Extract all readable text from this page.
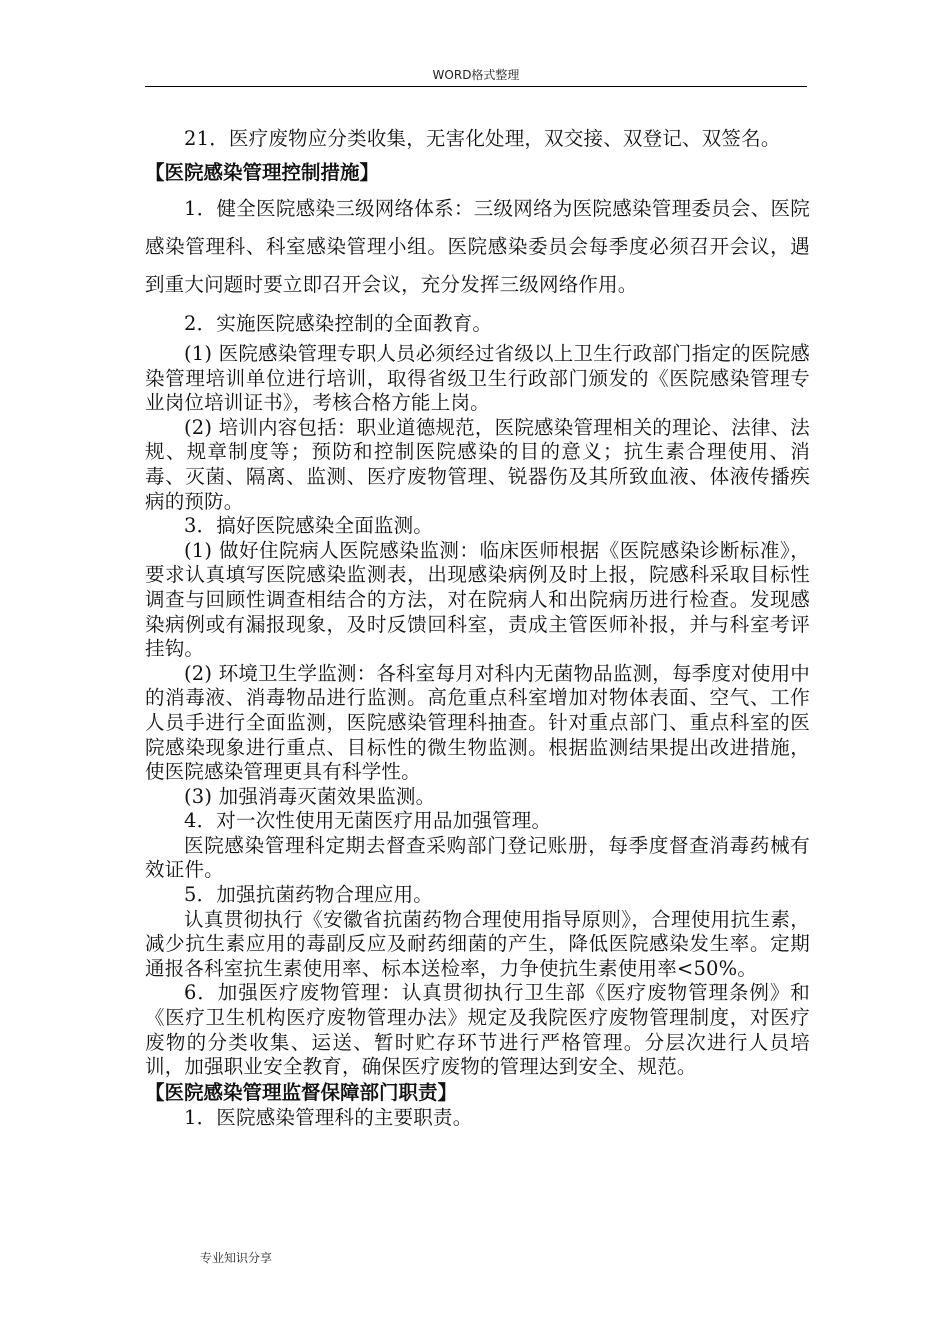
WORD格式整理

21．医疗废物应分类收集，无害化处理，双交接、双登记、双签名。

【医院感染管理控制措施】

1．健全医院感染三级网络体系：三级网络为医院感染管理委员会、医院感染管理科、科室感染管理小组。医院感染委员会每季度必须召开会议，遇到重大问题时要立即召开会议，充分发挥三级网络作用。

2．实施医院感染控制的全面教育。

(1) 医院感染管理专职人员必须经过省级以上卫生行政部门指定的医院感染管理培训单位进行培训，取得省级卫生行政部门颁发的《医院感染管理专业岗位培训证书》，考核合格方能上岗。

(2) 培训内容包括：职业道德规范，医院感染管理相关的理论、法律、法规、规章制度等；预防和控制医院感染的目的意义；抗生素合理使用、消毒、灭菌、隔离、监测、医疗废物管理、锐器伤及其所致血液、体液传播疾病的预防。

3．搞好医院感染全面监测。

(1) 做好住院病人医院感染监测：临床医师根据《医院感染诊断标准》，要求认真填写医院感染监测表，出现感染病例及时上报，院感科采取目标性调查与回顾性调查相结合的方法，对在院病人和出院病历进行检查。发现感染病例或有漏报现象，及时反馈回科室，责成主管医师补报，并与科室考评挂钩。

(2) 环境卫生学监测：各科室每月对科内无菌物品监测，每季度对使用中的消毒液、消毒物品进行监测。高危重点科室增加对物体表面、空气、工作人员手进行全面监测，医院感染管理科抽查。针对重点部门、重点科室的医院感染现象进行重点、目标性的微生物监测。根据监测结果提出改进措施，使医院感染管理更具有科学性。

(3) 加强消毒灭菌效果监测。

4．对一次性使用无菌医疗用品加强管理。

医院感染管理科定期去督查采购部门登记账册，每季度督查消毒药械有效证件。

5．加强抗菌药物合理应用。

认真贯彻执行《安徽省抗菌药物合理使用指导原则》，合理使用抗生素，减少抗生素应用的毒副反应及耐药细菌的产生，降低医院感染发生率。定期通报各科室抗生素使用率、标本送检率，力争使抗生素使用率<50%。

6．加强医疗废物管理：认真贯彻执行卫生部《医疗废物管理条例》和《医疗卫生机构医疗废物管理办法》规定及我院医疗废物管理制度，对医疗废物的分类收集、运送、暂时贮存环节进行严格管理。分层次进行人员培训，加强职业安全教育，确保医疗废物的管理达到安全、规范。

【医院感染管理监督保障部门职责】

1．医院感染管理科的主要职责。

专业知识分享
